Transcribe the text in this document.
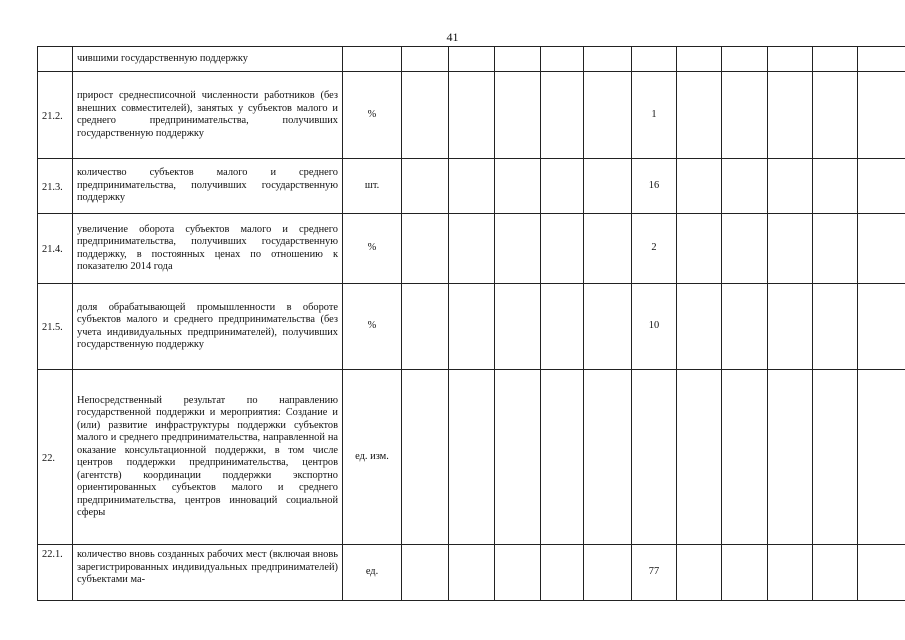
41
	чившими государственную поддержку												
21.2.	прирост среднесписочной численности работников (без внешних совместителей), занятых у субъектов малого и среднего предпринимательства, получивших государственную поддержку	%						1					
21.3.	количество субъектов малого и среднего предпринимательства, получивших государственную поддержку	шт.						16					
21.4.	увеличение оборота субъектов малого и среднего предпринимательства, получивших государственную поддержку, в постоянных ценах по отношению к показателю 2014 года	%						2					
21.5.	доля обрабатывающей промышленности в обороте субъектов малого и среднего предпринимательства (без учета индивидуальных предпринимателей), получивших государственную поддержку	%						10					
22.	Непосредственный результат по направлению государственной поддержки и мероприятия: Создание и (или) развитие инфраструктуры поддержки субъектов малого и среднего предпринимательства, направленной на оказание консультационной поддержки, в том числе центров поддержки предпринимательства, центров (агентств) координации поддержки экспортно ориентированных субъектов малого и среднего предпринимательства, центров инноваций социальной сферы	ед. изм.											
22.1.	количество вновь созданных рабочих мест (включая вновь зарегистрированных индивидуальных предпринимателей) субъектами ма-	ед.						77					
